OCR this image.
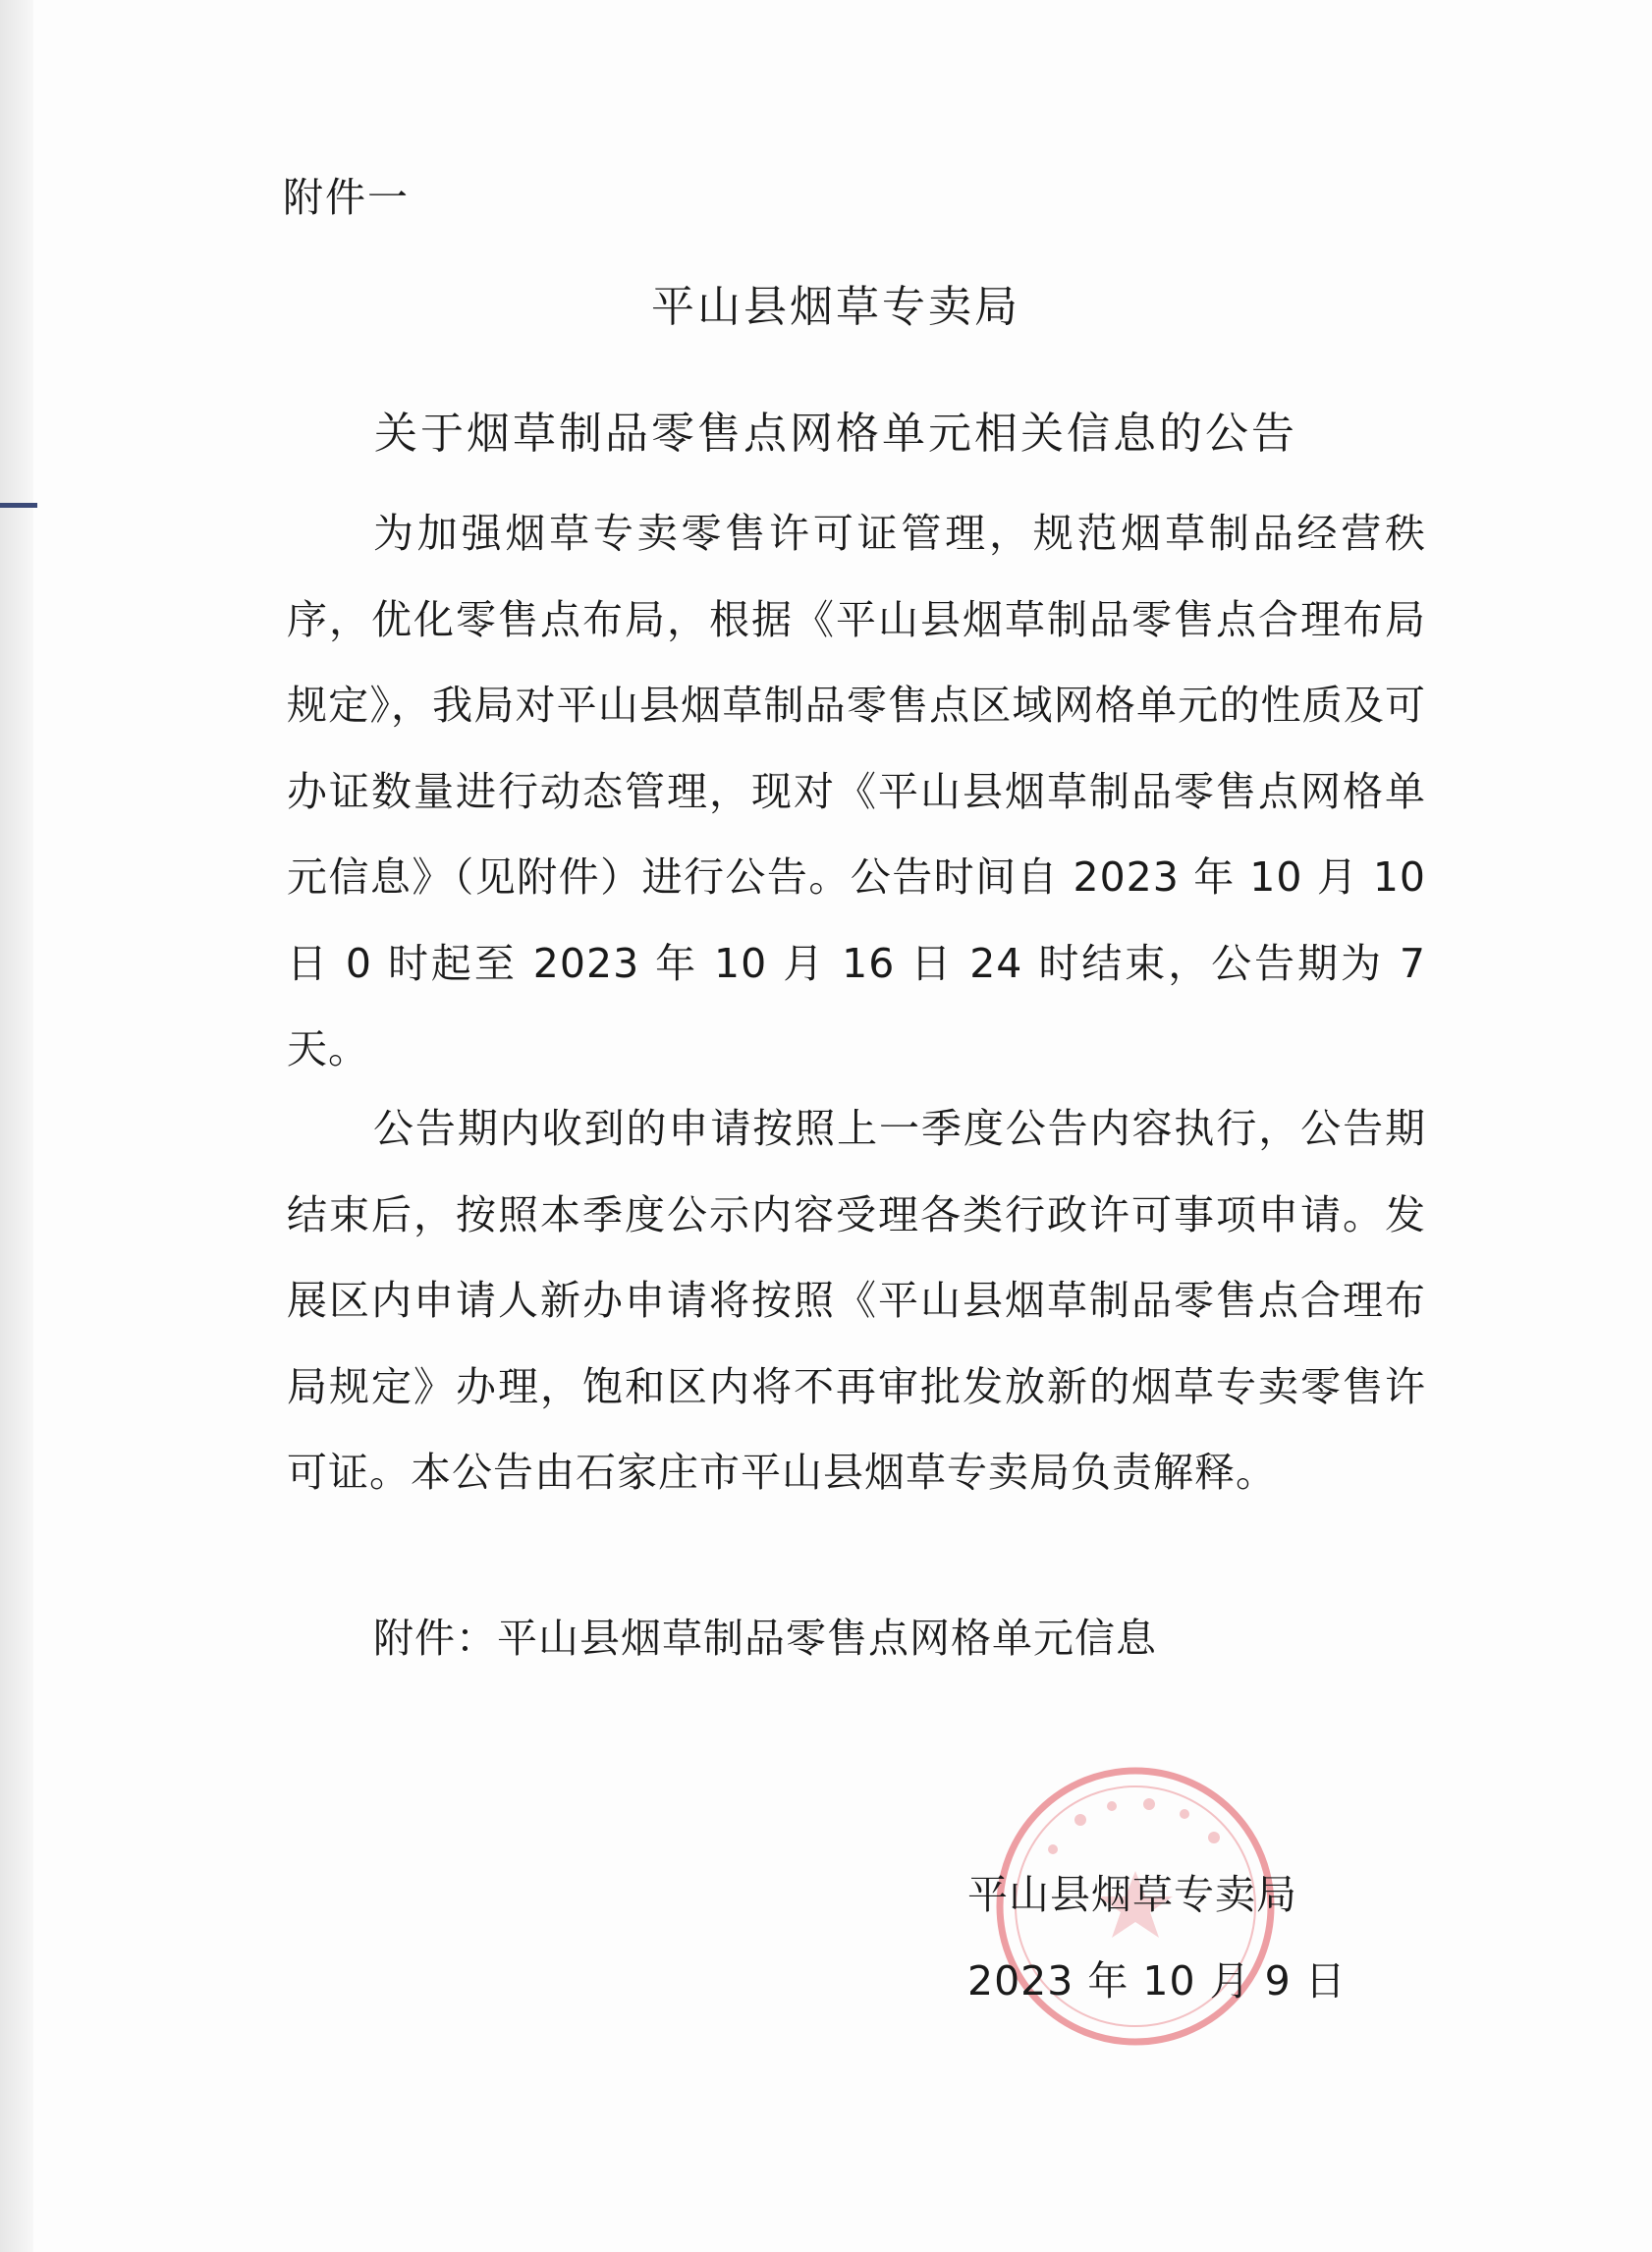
附件一
平山县烟草专卖局
关于烟草制品零售点网格单元相关信息的公告

为加强烟草专卖零售许可证管理，规范烟草制品经营秩序，优化零售点布局，根据《平山县烟草制品零售点合理布局规定》，我局对平山县烟草制品零售点区域网格单元的性质及可办证数量进行动态管理，现对《平山县烟草制品零售点网格单元信息》（见附件）进行公告。公告时间自 2023 年 10 月 10 日 0 时起至 2023 年 10 月 16 日 24 时结束，公告期为 7 天。

公告期内收到的申请按照上一季度公告内容执行，公告期结束后，按照本季度公示内容受理各类行政许可事项申请。发展区内申请人新办申请将按照《平山县烟草制品零售点合理布局规定》办理，饱和区内将不再审批发放新的烟草专卖零售许可证。本公告由石家庄市平山县烟草专卖局负责解释。

附件：平山县烟草制品零售点网格单元信息

平山县烟草专卖局
2023 年 10 月 9 日
